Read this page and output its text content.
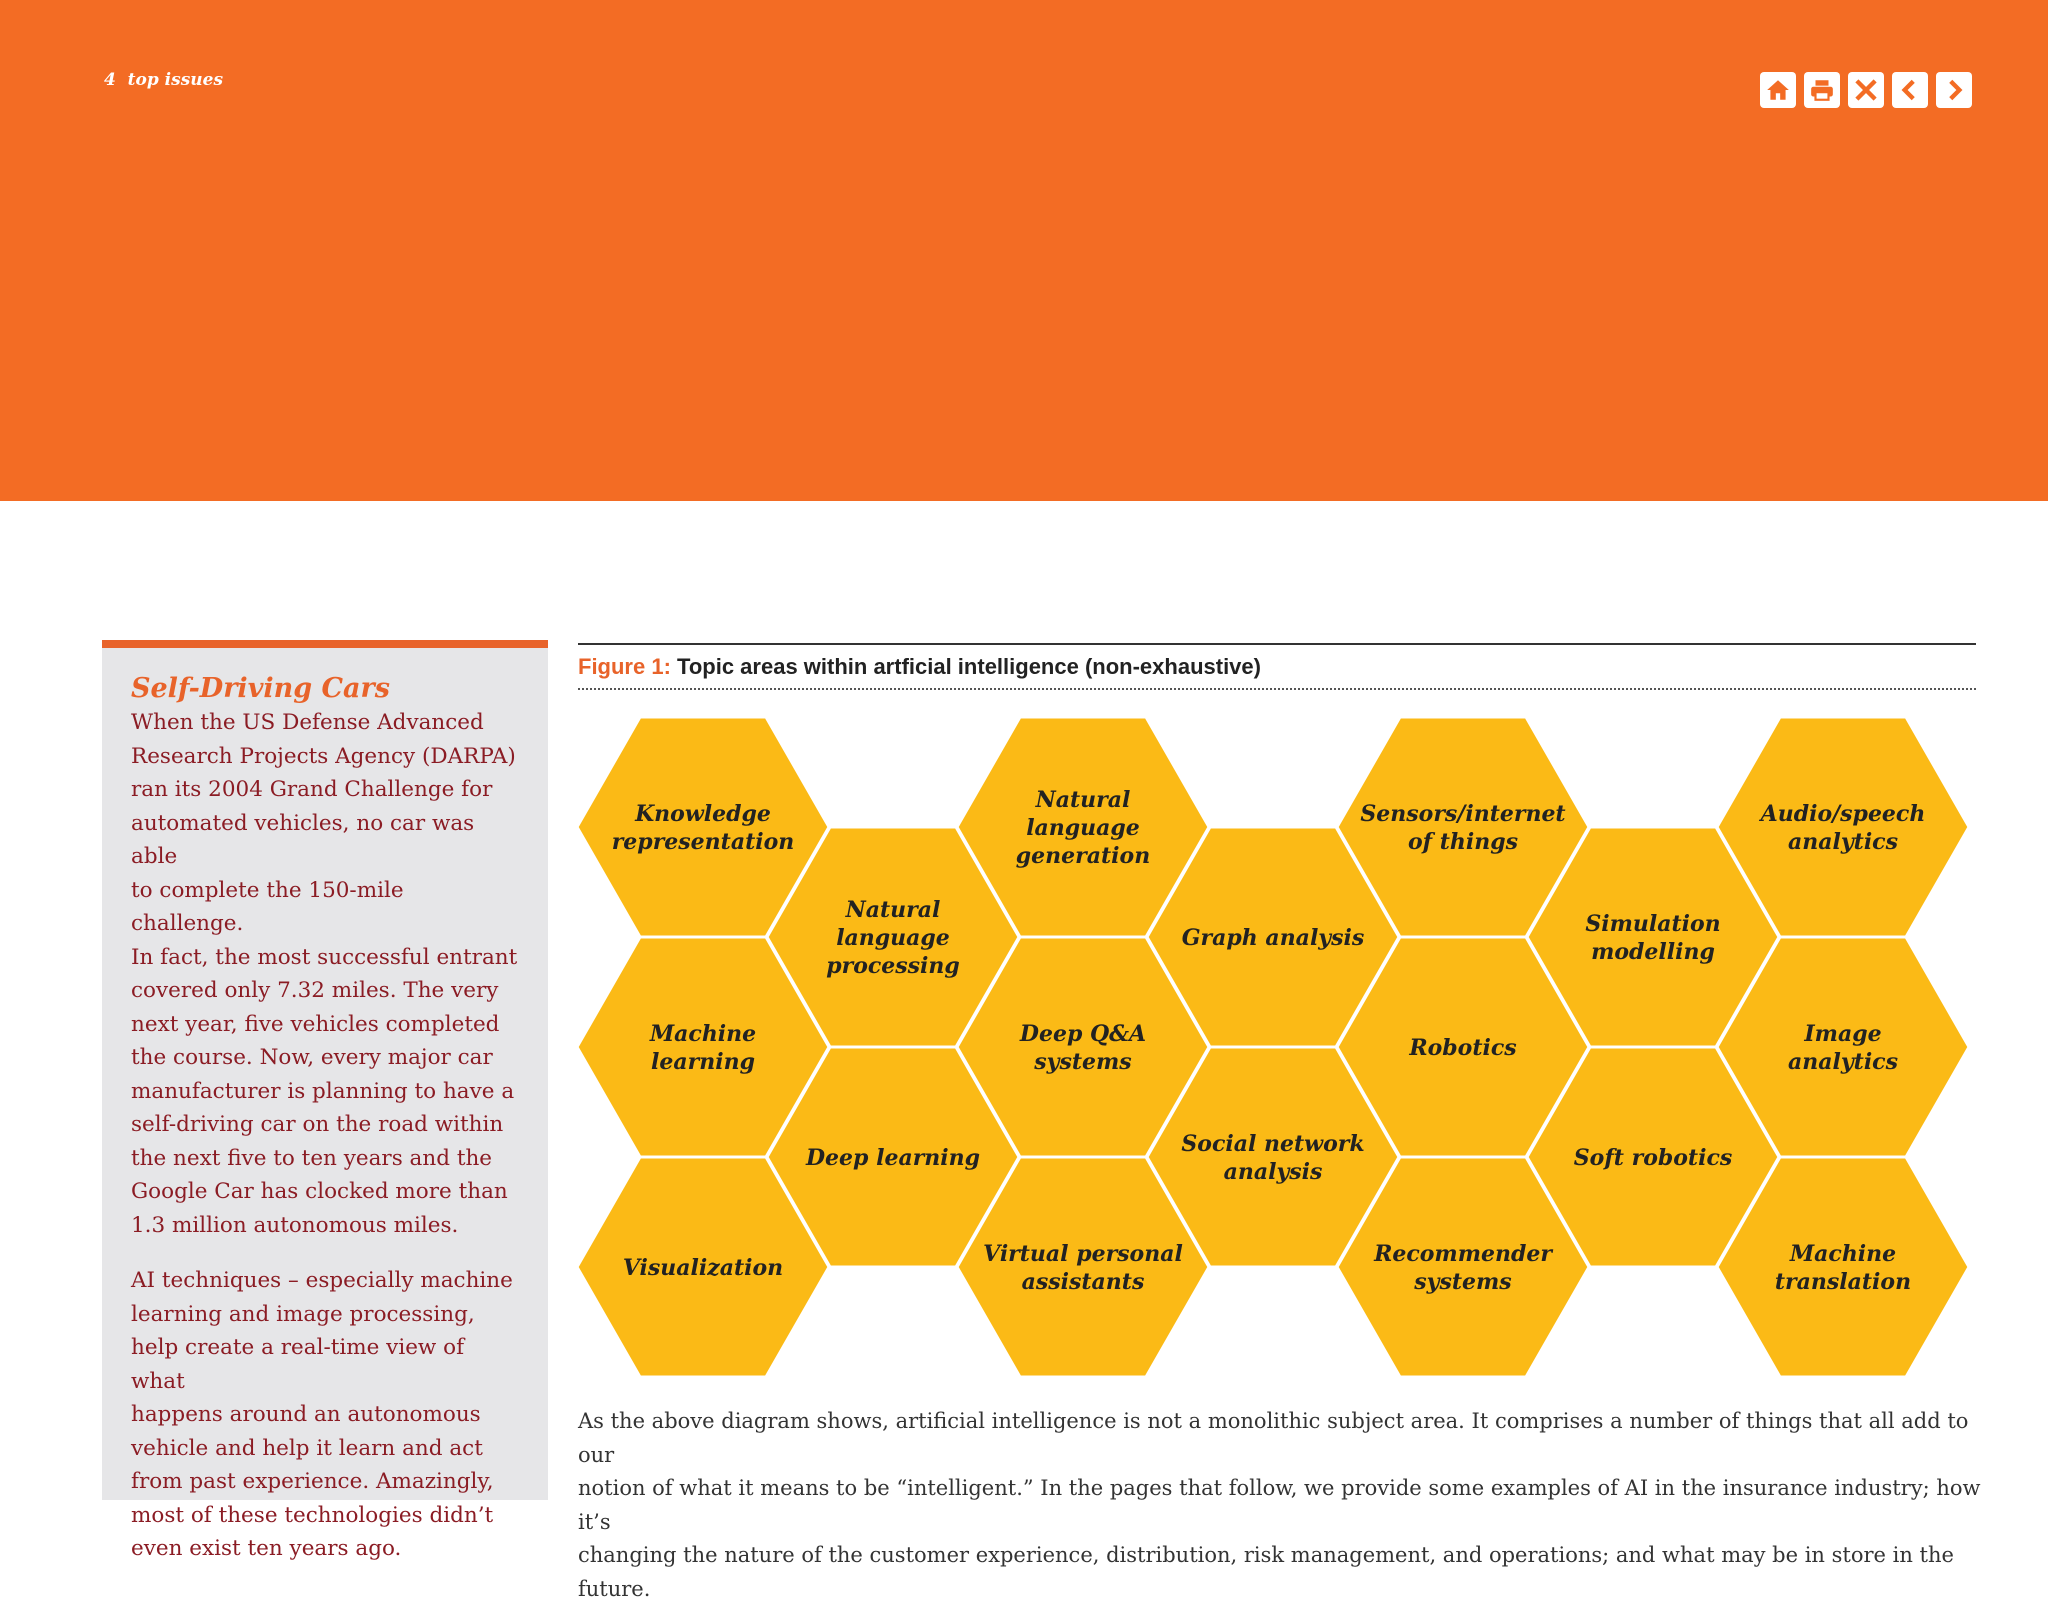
4  top issues
Self-Driving Cars

When the US Defense Advanced
Research Projects Agency (DARPA)
ran its 2004 Grand Challenge for
automated vehicles, no car was able
to complete the 150-mile challenge.
In fact, the most successful entrant
covered only 7.32 miles. The very
next year, five vehicles completed
the course. Now, every major car
manufacturer is planning to have a
self-driving car on the road within
the next five to ten years and the
Google Car has clocked more than
1.3 million autonomous miles.

AI techniques – especially machine
learning and image processing,
help create a real-time view of what
happens around an autonomous
vehicle and help it learn and act
from past experience. Amazingly,
most of these technologies didn’t
even exist ten years ago.

Figure 1: Topic areas within artficial intelligence (non-exhaustive)
Knowledge
representation
Machine
learning
Visualization
Natural
language
processing
Deep learning
Natural
language
generation
Deep Q&A
systems
Virtual personal
assistants
Graph analysis
Social network
analysis
Sensors/internet
of things
Robotics
Recommender
systems
Simulation
modelling
Soft robotics
Audio/speech
analytics
Image
analytics
Machine
translation

As the above diagram shows, artificial intelligence is not a monolithic subject area. It comprises a number of things that all add to our
notion of what it means to be “intelligent.” In the pages that follow, we provide some examples of AI in the insurance industry; how it’s
changing the nature of the customer experience, distribution, risk management, and operations; and what may be in store in the future.
